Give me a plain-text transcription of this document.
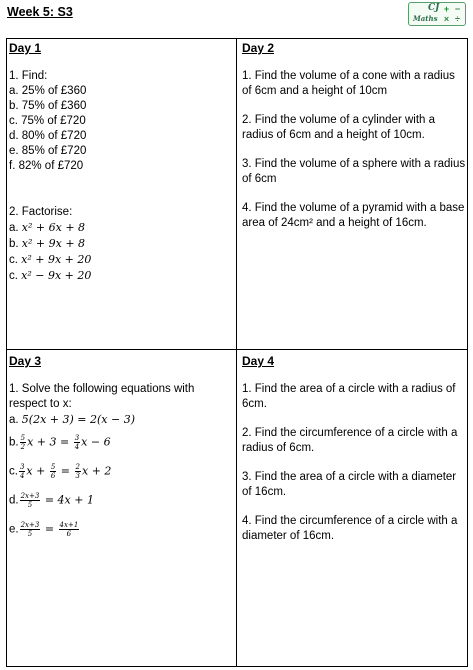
Week 5: S3	CJ
Maths
+ −
× ÷
Day 1
1. Find:
a. 25% of £360
b. 75% of £360
c. 75% of £720
d. 80% of £720
e. 85% of £720
f. 82% of £720
2. Factorise:
a. x² + 6x + 8
b. x² + 9x + 8
c. x² + 9x + 20
c. x² − 9x + 20
Day 2
1. Find the volume of a cone with a radius of 6cm and a height of 10cm
2. Find the volume of a cylinder with a radius of 6cm and a height of 10cm.
3. Find the volume of a sphere with a radius of 6cm
4. Find the volume of a pyramid with a base area of 24cm² and a height of 16cm.
Day 3
1. Solve the following equations with respect to x:
a. 5(2x + 3) = 2(x − 3)
b. $\frac{5}{2}$ $x + 3 = \frac{3}{4}$ x − 6
c. $\frac{3}{4}$ $x + \frac{5}{6} = \frac{2}{3}$ x + 2
d. $\frac{2x+3}{5} = 4x + 1$
e. $\frac{2x+3}{5} = \frac{4x+1}{6}$
Day 4
1. Find the area of a circle with a radius of 6cm.
2. Find the circumference of a circle with a radius of 6cm.
3. Find the area of a circle with a diameter of 16cm.
4. Find the circumference of a circle with a diameter of 16cm.
